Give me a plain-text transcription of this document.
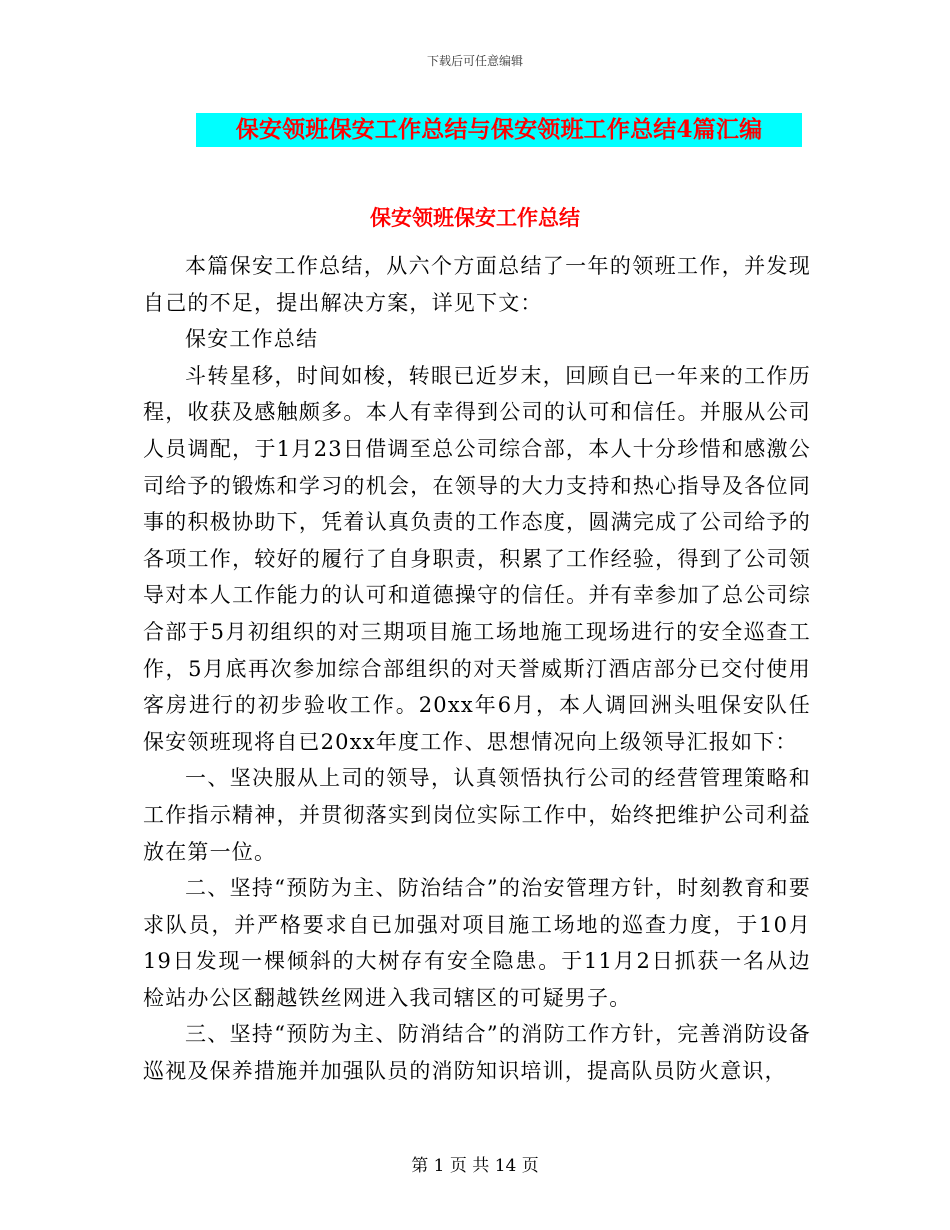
下载后可任意编辑
保安领班保安工作总结与保安领班工作总结4篇汇编
保安领班保安工作总结

本篇保安工作总结，从六个方面总结了一年的领班工作，并发现自己的不足，提出解决方案，详见下文：

保安工作总结

斗转星移，时间如梭，转眼已近岁末，回顾自已一年来的工作历程，收获及感触颇多。本人有幸得到公司的认可和信任。并服从公司人员调配，于1月23日借调至总公司综合部，本人十分珍惜和感激公司给予的锻炼和学习的机会，在领导的大力支持和热心指导及各位同事的积极协助下，凭着认真负责的工作态度，圆满完成了公司给予的各项工作，较好的履行了自身职责，积累了工作经验，得到了公司领导对本人工作能力的认可和道德操守的信任。并有幸参加了总公司综合部于5月初组织的对三期项目施工场地施工现场进行的安全巡查工作，5月底再次参加综合部组织的对天誉威斯汀酒店部分已交付使用客房进行的初步验收工作。20xx年6月，本人调回洲头咀保安队任保安领班现将自已20xx年度工作、思想情况向上级领导汇报如下：

一、坚决服从上司的领导，认真领悟执行公司的经营管理策略和工作指示精神，并贯彻落实到岗位实际工作中，始终把维护公司利益放在第一位。

二、坚持“预防为主、防治结合”的治安管理方针，时刻教育和要求队员，并严格要求自已加强对项目施工场地的巡查力度，于10月19日发现一棵倾斜的大树存有安全隐患。于11月2日抓获一名从边检站办公区翻越铁丝网进入我司辖区的可疑男子。

三、坚持“预防为主、防消结合”的消防工作方针，完善消防设备巡视及保养措施并加强队员的消防知识培训，提高队员防火意识，

第 1 页 共 14 页
